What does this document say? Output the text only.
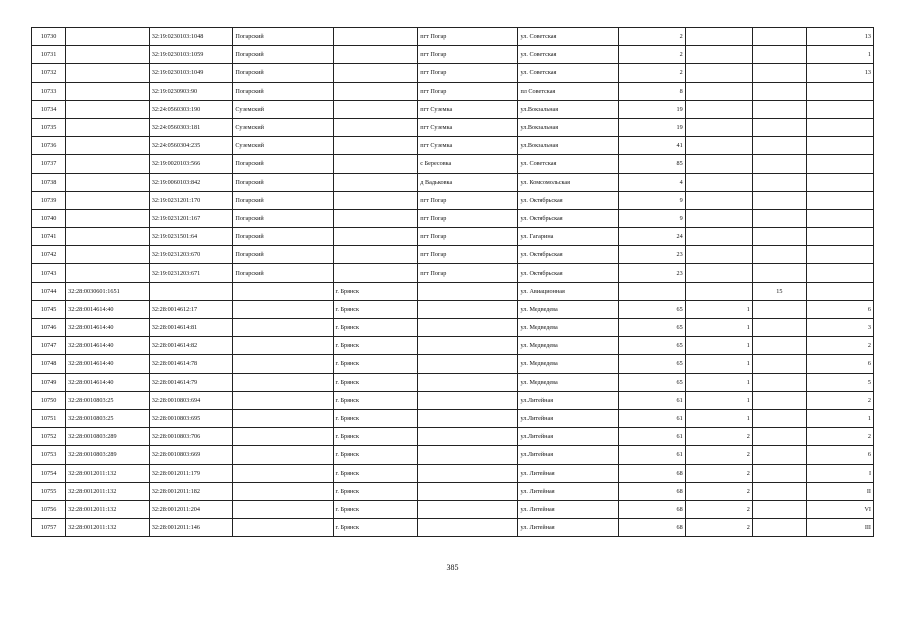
10730		32:19:0230103:1048	Погарский		пгт Погар	ул. Советская	2			13
10731		32:19:0230103:1059	Погарский		пгт Погар	ул. Советская	2			1
10732		32:19:0230103:1049	Погарский		пгт Погар	ул. Советская	2			13
10733		32:19:0230903:90	Погарский		пгт Погар	пл Советская	8			
10734		32:24:0560303:190	Суземский		пгт Суземка	ул.Вокзальная	19			
10735		32:24:0560303:181	Суземский		пгт Суземка	ул.Вокзальная	19			
10736		32:24:0560304:235	Суземский		пгт Суземка	ул.Вокзальная	41			
10737		32:19:0020103:566	Погарский		с Бересовка	ул. Советская	85			
10738		32:19:0060103:842	Погарский		д Вадьковка	ул. Комсомольская	4			
10739		32:19:0231201:170	Погарский		пгт Погар	ул. Октябрьская	9			
10740		32:19:0231201:167	Погарский		пгт Погар	ул. Октябрьская	9			
10741		32:19:0231501:64	Погарский		пгт Погар	ул. Гагарина	24			
10742		32:19:0231203:670	Погарский		пгт Погар	ул. Октябрьская	23			
10743		32:19:0231203:671	Погарский		пгт Погар	ул. Октябрьская	23			
10744	32:28:0030601:1651			г. Брянск		ул. Авиационная			15	
10745	32:28:0014614:40	32:28:0014612:17		г. Брянск		ул. Медведева	65	1		6
10746	32:28:0014614:40	32:28:0014614:81		г. Брянск		ул. Медведева	65	1		3
10747	32:28:0014614:40	32:28:0014614:82		г. Брянск		ул. Медведева	65	1		2
10748	32:28:0014614:40	32:28:0014614:78		г. Брянск		ул. Медведева	65	1		6
10749	32:28:0014614:40	32:28:0014614:79		г. Брянск		ул. Медведева	65	1		5
10750	32:28:0010803:25	32:28:0010803:694		г. Брянск		ул.Литейная	61	1		2
10751	32:28:0010803:25	32:28:0010803:695		г. Брянск		ул.Литейная	61	1		1
10752	32:28:0010803:289	32:28:0010803:706		г. Брянск		ул.Литейная	61	2		2
10753	32:28:0010803:289	32:28:0010803:669		г. Брянск		ул.Литейная	61	2		6
10754	32:28:0012011:132	32:28:0012011:179		г. Брянск		ул. Литейная	68	2		I
10755	32:28:0012011:132	32:28:0012011:182		г. Брянск		ул. Литейная	68	2		II
10756	32:28:0012011:132	32:28:0012011:204		г. Брянск		ул. Литейная	68	2		VI
10757	32:28:0012011:132	32:28:0012011:146		г. Брянск		ул. Литейная	68	2		III
385
